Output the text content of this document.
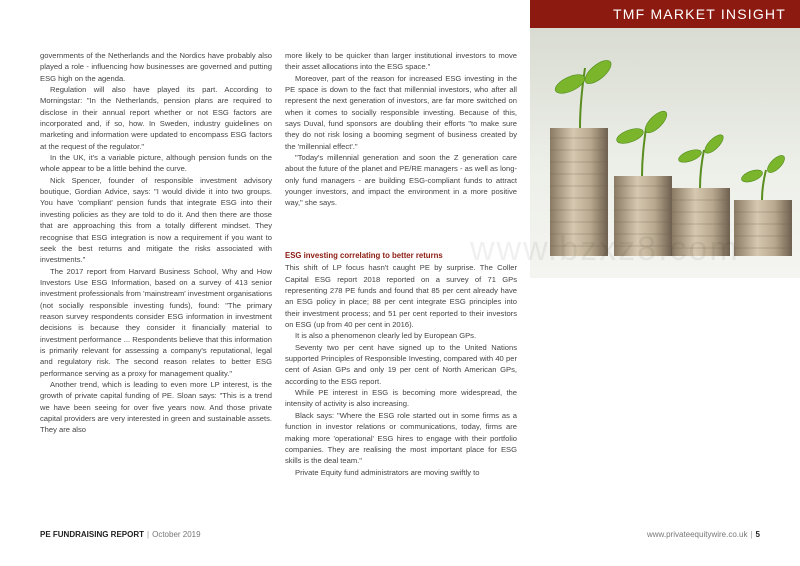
TMF MARKET INSIGHT

governments of the Netherlands and the Nordics have probably also played a role - influencing how businesses are governed and putting ESG high on the agenda.

Regulation will also have played its part. According to Morningstar: "In the Netherlands, pension plans are required to disclose in their annual report whether or not ESG factors are incorporated and, if so, how. In Sweden, industry guidelines on marketing and information were updated to encompass ESG factors at the request of the regulator."

In the UK, it's a variable picture, although pension funds on the whole appear to be a little behind the curve.

Nick Spencer, founder of responsible investment advisory boutique, Gordian Advice, says: "I would divide it into two groups. You have 'compliant' pension funds that integrate ESG into their investing policies as they are told to do it. And then there are those that are approaching this from a totally different mindset. They recognise that ESG integration is now a requirement if you want to seek the best returns and mitigate the risks associated with investments."

The 2017 report from Harvard Business School, Why and How Investors Use ESG Information, based on a survey of 413 senior investment professionals from 'mainstream' investment organisations (not socially responsible investing funds), found: "The primary reason survey respondents consider ESG information in investment decisions is because they consider it financially material to investment performance ... Respondents believe that this information is primarily relevant for assessing a company's reputational, legal and regulatory risk. The second reason relates to better ESG performance serving as a proxy for management quality."

Another trend, which is leading to even more LP interest, is the growth of private capital funding of PE. Sloan says: "This is a trend we have been seeing for over five years now. And those private capital providers are very interested in green and sustainable assets. They are also

more likely to be quicker than larger institutional investors to move their asset allocations into the ESG space."

Moreover, part of the reason for increased ESG investing in the PE space is down to the fact that millennial investors, who after all represent the next generation of investors, are far more switched on when it comes to socially responsible investing. Because of this, says Duval, fund sponsors are doubling their efforts "to make sure they do not risk losing a booming segment of business created by the 'millennial effect'."

"Today's millennial generation and soon the Z generation care about the future of the planet and PE/RE managers - as well as long-only fund managers - are building ESG-compliant funds to attract younger investors, and impact the environment in a more positive way," she says.

ESG investing correlating to better returns

This shift of LP focus hasn't caught PE by surprise. The Coller Capital ESG report 2018 reported on a survey of 71 GPs representing 278 PE funds and found that 85 per cent already have an ESG policy in place; 88 per cent integrate ESG principles into their investment process; and 51 per cent reported to their investors on ESG (up from 40 per cent in 2016).

It is also a phenomenon clearly led by European GPs.

Seventy two per cent have signed up to the United Nations supported Principles of Responsible Investing, compared with 40 per cent of Asian GPs and only 19 per cent of North American GPs, according to the ESG report.

While PE interest in ESG is becoming more widespread, the intensity of activity is also increasing.

Black says: "Where the ESG role started out in some firms as a function in investor relations or communications, today, firms are making more 'operational' ESG hires to engage with their portfolio companies. They are realising the most important place for ESG skills is the deal team."

Private Equity fund administrators are moving swiftly to

PE FUNDRAISING REPORT | October 2019	www.privateequitywire.co.uk | 5
